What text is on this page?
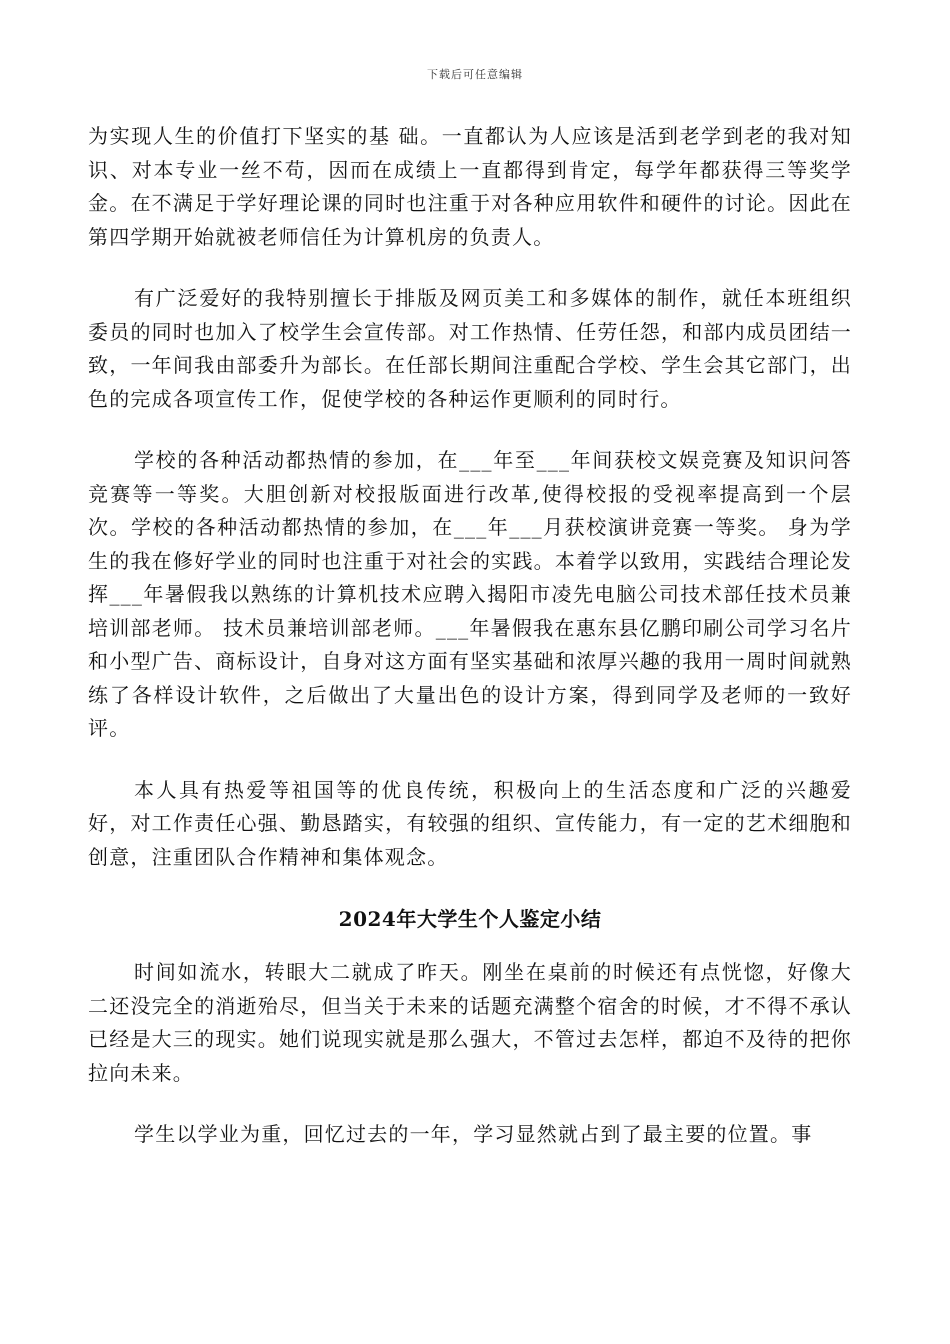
下载后可任意编辑

为实现人生的价值打下坚实的基 础。一直都认为人应该是活到老学到老的我对知识、对本专业一丝不苟，因而在成绩上一直都得到肯定，每学年都获得三等奖学金。在不满足于学好理论课的同时也注重于对各种应用软件和硬件的讨论。因此在第四学期开始就被老师信任为计算机房的负责人。

有广泛爱好的我特别擅长于排版及网页美工和多媒体的制作，就任本班组织委员的同时也加入了校学生会宣传部。对工作热情、任劳任怨，和部内成员团结一致，一年间我由部委升为部长。在任部长期间注重配合学校、学生会其它部门，出色的完成各项宣传工作，促使学校的各种运作更顺利的同时行。

学校的各种活动都热情的参加，在___年至___年间获校文娱竞赛及知识问答竞赛等一等奖。大胆创新对校报版面进行改革,使得校报的受视率提高到一个层次。学校的各种活动都热情的参加，在___年___月获校演讲竞赛一等奖。 身为学生的我在修好学业的同时也注重于对社会的实践。本着学以致用，实践结合理论发挥___年暑假我以熟练的计算机技术应聘入揭阳市凌先电脑公司技术部任技术员兼培训部老师。 技术员兼培训部老师。___年暑假我在惠东县亿鹏印刷公司学习名片和小型广告、商标设计，自身对这方面有坚实基础和浓厚兴趣的我用一周时间就熟练了各样设计软件，之后做出了大量出色的设计方案，得到同学及老师的一致好评。

本人具有热爱等祖国等的优良传统，积极向上的生活态度和广泛的兴趣爱好，对工作责任心强、勤恳踏实，有较强的组织、宣传能力，有一定的艺术细胞和创意，注重团队合作精神和集体观念。

2024年大学生个人鉴定小结

时间如流水，转眼大二就成了昨天。刚坐在桌前的时候还有点恍惚，好像大二还没完全的消逝殆尽，但当关于未来的话题充满整个宿舍的时候，才不得不承认已经是大三的现实。她们说现实就是那么强大，不管过去怎样，都迫不及待的把你拉向未来。

学生以学业为重，回忆过去的一年，学习显然就占到了最主要的位置。事
